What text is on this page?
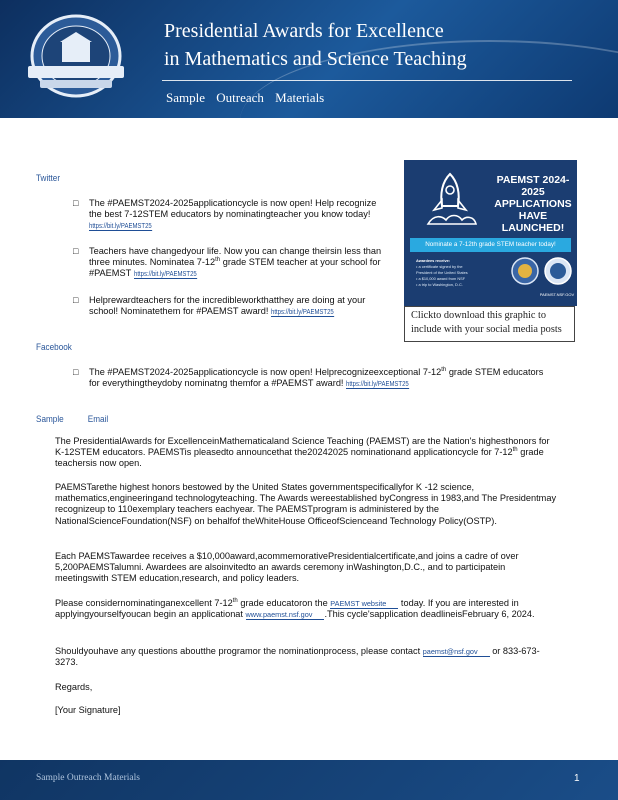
Presidential Awards for Excellence
in Mathematics and Science Teaching
Sample Outreach Materials
PAEMST 2024-2025 APPLICATIONS HAVE LAUNCHED!
Nominate a 7-12th grade STEM teacher today!
Awardees receive:
• a certificate signed by the
President of the United States
• a $10,000 award from NSF
• a trip to Washington, D.C.
PAEMST.NSF.GOV
Clickto download this graphic to include with your social media posts
Twitter
□ The #PAEMST2024-2025applicationcycle is now open! Help recognize the best 7-12STEM educators by nominatingteacher you know today! https://bit.ly/PAEMST25
□ Teachers have changedyour life. Now you can change theirsin less than three minutes. Nominatea 7-12th grade STEM teacher at your school for #PAEMST https://bit.ly/PAEMST25
□ Helprewardteachers for the incredibleworkthatthey are doing at your school! Nominatethem for #PAEMST award! https://bit.ly/PAEMST25
Facebook
□ The #PAEMST2024-2025applicationcycle is now open! Helprecognizeexceptional 7-12th grade STEM educators for everythingtheydoby nominatng themfor a #PAEMST award! https://bit.ly/PAEMST25
Sample	Email
The PresidentialAwards for ExcellenceinMathematicaland Science Teaching (PAEMST) are the Nation's highesthonors for K-12STEM educators. PAEMSTis pleasedto announcethat the20242025 nominationand applicationcycle for 7-12th grade teachersis now open.
PAEMSTarethe highest honors bestowed by the United States governmentspecificallyfor K -12 science, mathematics,engineeringand technologyteaching. The Awards wereestablished byCongress in 1983,and The Presidentmay recognizeup to 110exemplary teachers eachyear. The PAEMSTprogram is administered by the NationalScienceFoundation(NSF) on behalfof theWhiteHouse OfficeofScienceand Technology Policy(OSTP).
Each PAEMSTawardee receives a $10,000award,acommemorativePresidentialcertificate,and joins a cadre of over 5,200PAEMSTalumni. Awardees are alsoinvitedto an awards ceremony inWashington,D.C., and to participatein meetingswith STEM education,research, and policy leaders.
Please considernominatinganexcellent 7-12th grade educatoron the PAEMST website today. If you are interested in applyingyourselfyoucan begin an applicationat www.paemst.nsf.gov .This cycle'sapplication deadlineisFebruary 6, 2024.
Shouldyouhave any questions aboutthe programor the nominationprocess, please contact paemst@nsf.gov or 833-673-3273.
Regards,
[Your Signature]
Sample Outreach Materials	1
